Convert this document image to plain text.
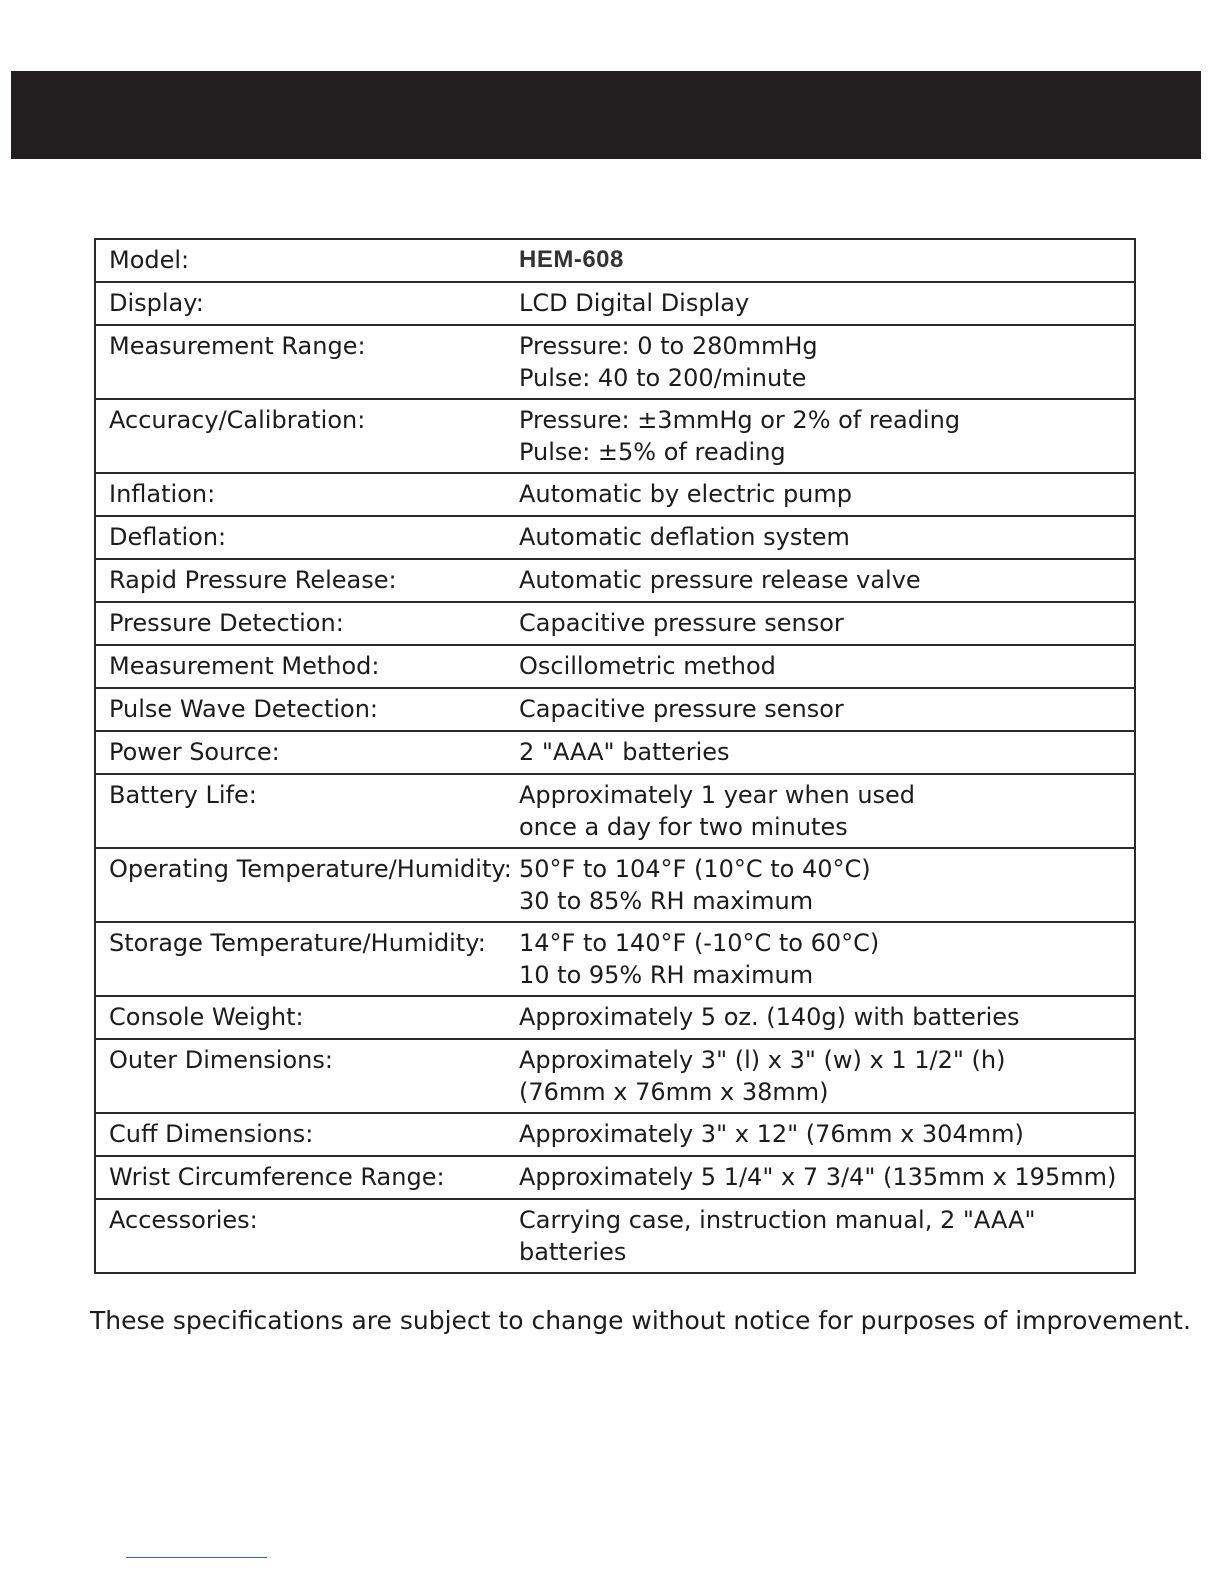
Model:	HEM-608

Display:	LCD Digital Display

Measurement Range:	Pressure: 0 to 280mmHg
Pulse: 40 to 200/minute

Accuracy/Calibration:	Pressure: ±3mmHg or 2% of reading
Pulse: ±5% of reading

Inflation:	Automatic by electric pump

Deflation:	Automatic deflation system

Rapid Pressure Release:	Automatic pressure release valve

Pressure Detection:	Capacitive pressure sensor

Measurement Method:	Oscillometric method

Pulse Wave Detection:	Capacitive pressure sensor

Power Source:	2 "AAA" batteries

Battery Life:	Approximately 1 year when used
once a day for two minutes

Operating Temperature/Humidity:	50°F to 104°F (10°C to 40°C)
30 to 85% RH maximum

Storage Temperature/Humidity:	14°F to 140°F (-10°C to 60°C)
10 to 95% RH maximum

Console Weight:	Approximately 5 oz. (140g) with batteries

Outer Dimensions:	Approximately 3" (l) x 3" (w) x 1 1/2" (h)
(76mm x 76mm x 38mm)

Cuff Dimensions:	Approximately 3" x 12" (76mm x 304mm)

Wrist Circumference Range:	Approximately 5 1/4" x 7 3/4" (135mm x 195mm)

Accessories:	Carrying case, instruction manual, 2 "AAA" batteries

These specifications are subject to change without notice for purposes of improvement.
